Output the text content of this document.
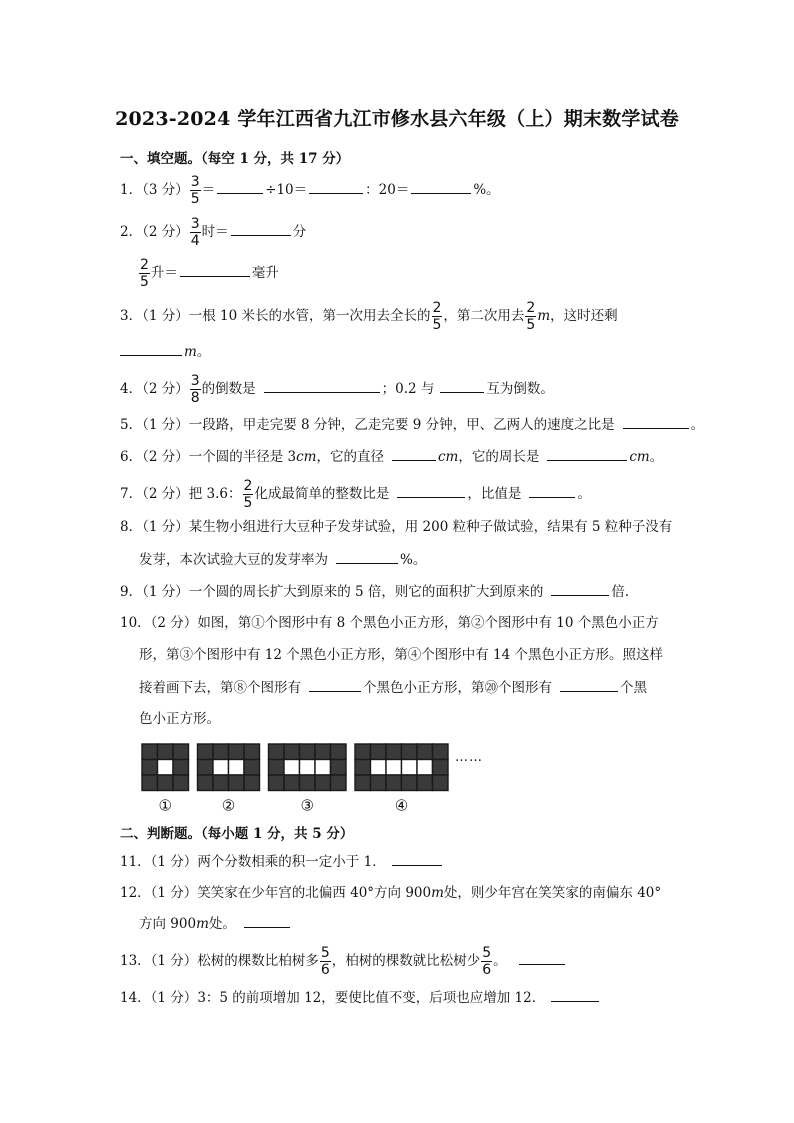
2023-2024 学年江西省九江市修水县六年级（上）期末数学试卷
一、填空题。（每空 1 分，共 17 分）
1．（3 分） $\frac{3}{5}$ ＝	÷10＝	：20＝	%。
2．（2 分） $\frac{3}{4}$ 时＝	分
$\frac{2}{5}$ 升＝	毫升
3．（1 分）一根 10 米长的水管，第一次用去全长的 $\frac{2}{5}$ ，第二次用去 $\frac{2}{5}$ m，这时还剩
m。
4．（2 分） $\frac{3}{8}$ 的倒数是	；0.2 与	互为倒数。
5．（1 分）一段路，甲走完要 8 分钟，乙走完要 9 分钟，甲、乙两人的速度之比是	。
6．（2 分）一个圆的半径是 3cm，它的直径	cm，它的周长是	cm。
7．（2 分）把 3.6： $\frac{2}{5}$ 化成最简单的整数比是	，比值是	。
8．（1 分）某生物小组进行大豆种子发芽试验，用 200 粒种子做试验，结果有 5 粒种子没有
发芽，本次试验大豆的发芽率为	%。
9．（1 分）一个圆的周长扩大到原来的 5 倍，则它的面积扩大到原来的	倍．
10．（2 分）如图，第①个图形中有 8 个黑色小正方形，第②个图形中有 10 个黑色小正方
形，第③个图形中有 12 个黑色小正方形，第④个图形中有 14 个黑色小正方形。照这样
接着画下去，第⑧个图形有	个黑色小正方形，第⑳个图形有	个黑
色小正方形。
①	②	③	④
……
二、判断题。（每小题 1 分，共 5 分）
11．（1 分）两个分数相乘的积一定小于 1．
12．（1 分）笑笑家在少年宫的北偏西 40°方向 900m处，则少年宫在笑笑家的南偏东 40°
方向 900m处。
13．（1 分）松树的棵数比柏树多 $\frac{5}{6}$ ，柏树的棵数就比松树少 $\frac{5}{6}$ 。
14．（1 分）3：5 的前项增加 12，要使比值不变，后项也应增加 12．
